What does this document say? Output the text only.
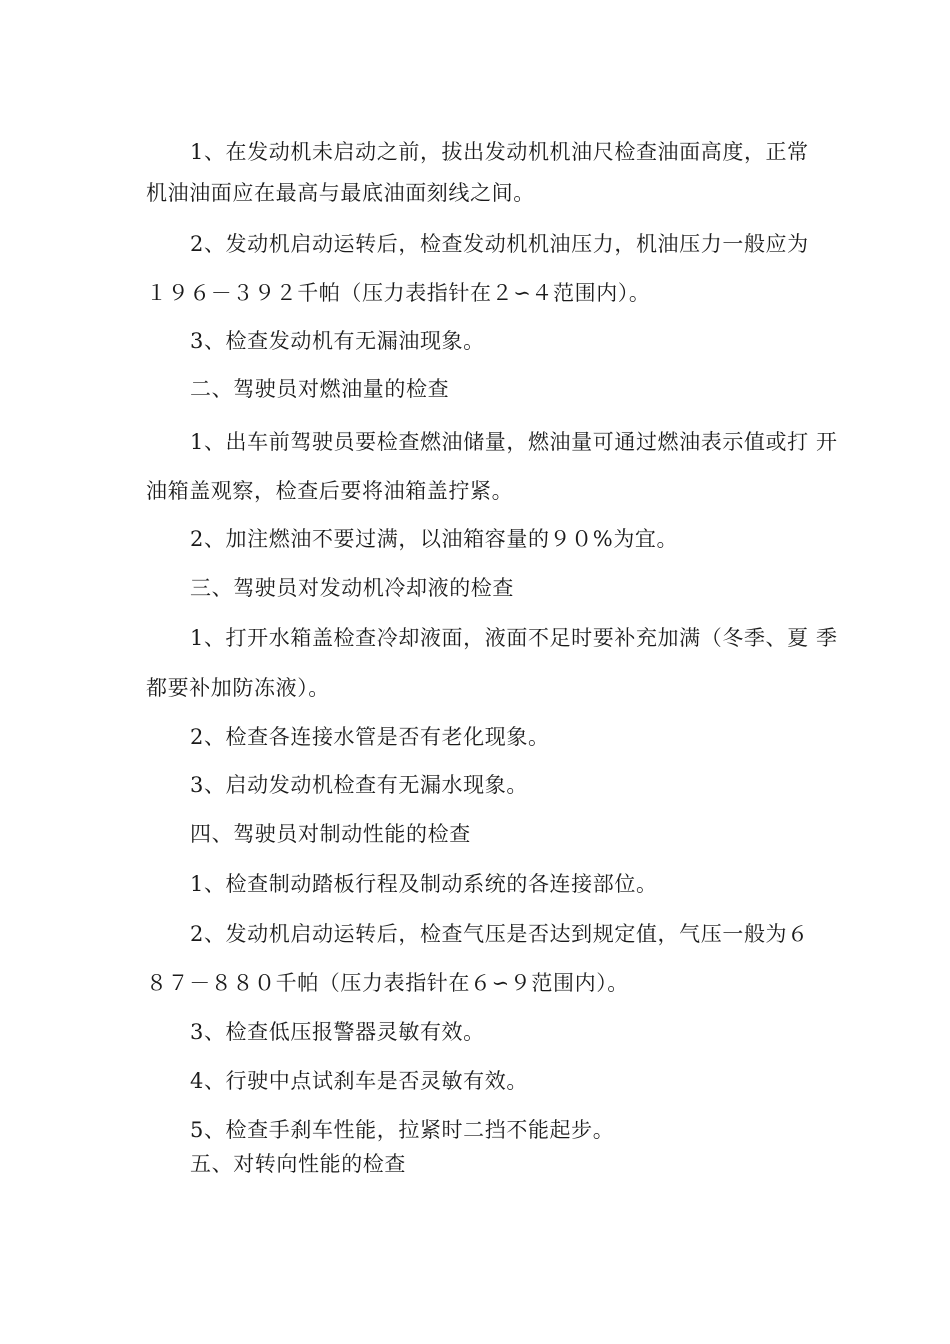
1、在发动机未启动之前，拔出发动机机油尺检查油面高度，正常
机油油面应在最高与最底油面刻线之间。
2、发动机启动运转后，检查发动机机油压力，机油压力一般应为
１９６－３９２千帕（压力表指针在２∽４范围内）。
3、检查发动机有无漏油现象。
二、驾驶员对燃油量的检查
1、出车前驾驶员要检查燃油储量，燃油量可通过燃油表示值或打 开
油箱盖观察，检查后要将油箱盖拧紧。
2、加注燃油不要过满，以油箱容量的９０%为宜。
三、驾驶员对发动机冷却液的检查
1、打开水箱盖检查冷却液面，液面不足时要补充加满（冬季、夏 季
都要补加防冻液）。
2、检查各连接水管是否有老化现象。
3、启动发动机检查有无漏水现象。
四、驾驶员对制动性能的检查
1、检查制动踏板行程及制动系统的各连接部位。
2、发动机启动运转后，检查气压是否达到规定值，气压一般为６
８７－８８０千帕（压力表指针在６∽９范围内）。
3、检查低压报警器灵敏有效。
4、行驶中点试刹车是否灵敏有效。
5、检查手刹车性能，拉紧时二挡不能起步。
五、对转向性能的检查
